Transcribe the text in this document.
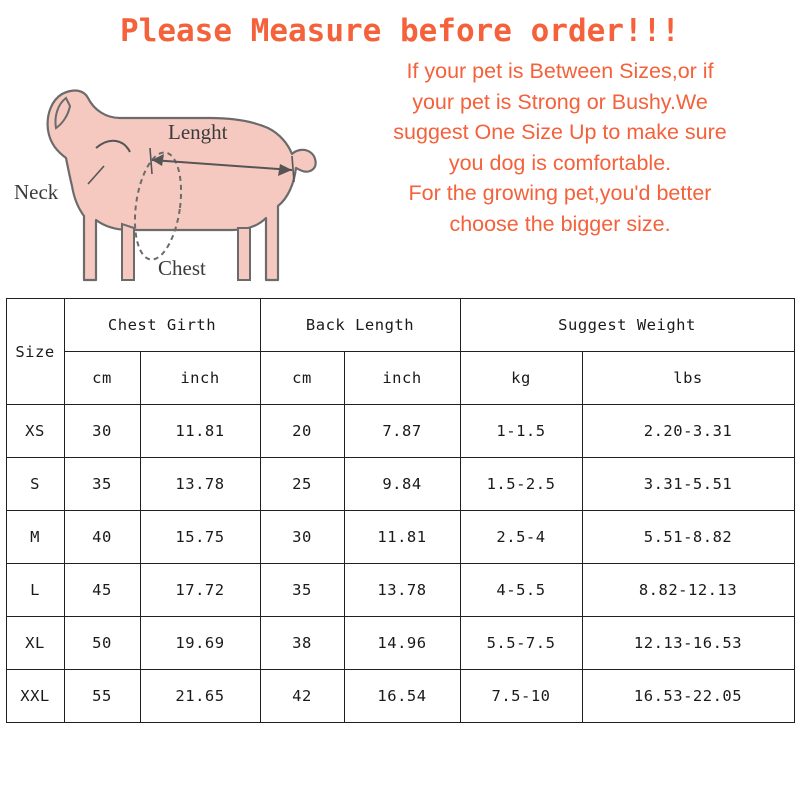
Please Measure before order!!!
Neck
Lenght
Chest
If your pet is Between Sizes,or if
your pet is Strong or Bushy.We
suggest One Size Up to make sure
you dog is comfortable.
For the growing pet,you'd better
choose the bigger size.
Size	Chest Girth		Back Length		Suggest Weight	
	cm	inch	cm	inch	kg	lbs
XS	30	11.81	20	7.87	1-1.5	2.20-3.31
S	35	13.78	25	9.84	1.5-2.5	3.31-5.51
M	40	15.75	30	11.81	2.5-4	5.51-8.82
L	45	17.72	35	13.78	4-5.5	8.82-12.13
XL	50	19.69	38	14.96	5.5-7.5	12.13-16.53
XXL	55	21.65	42	16.54	7.5-10	16.53-22.05
